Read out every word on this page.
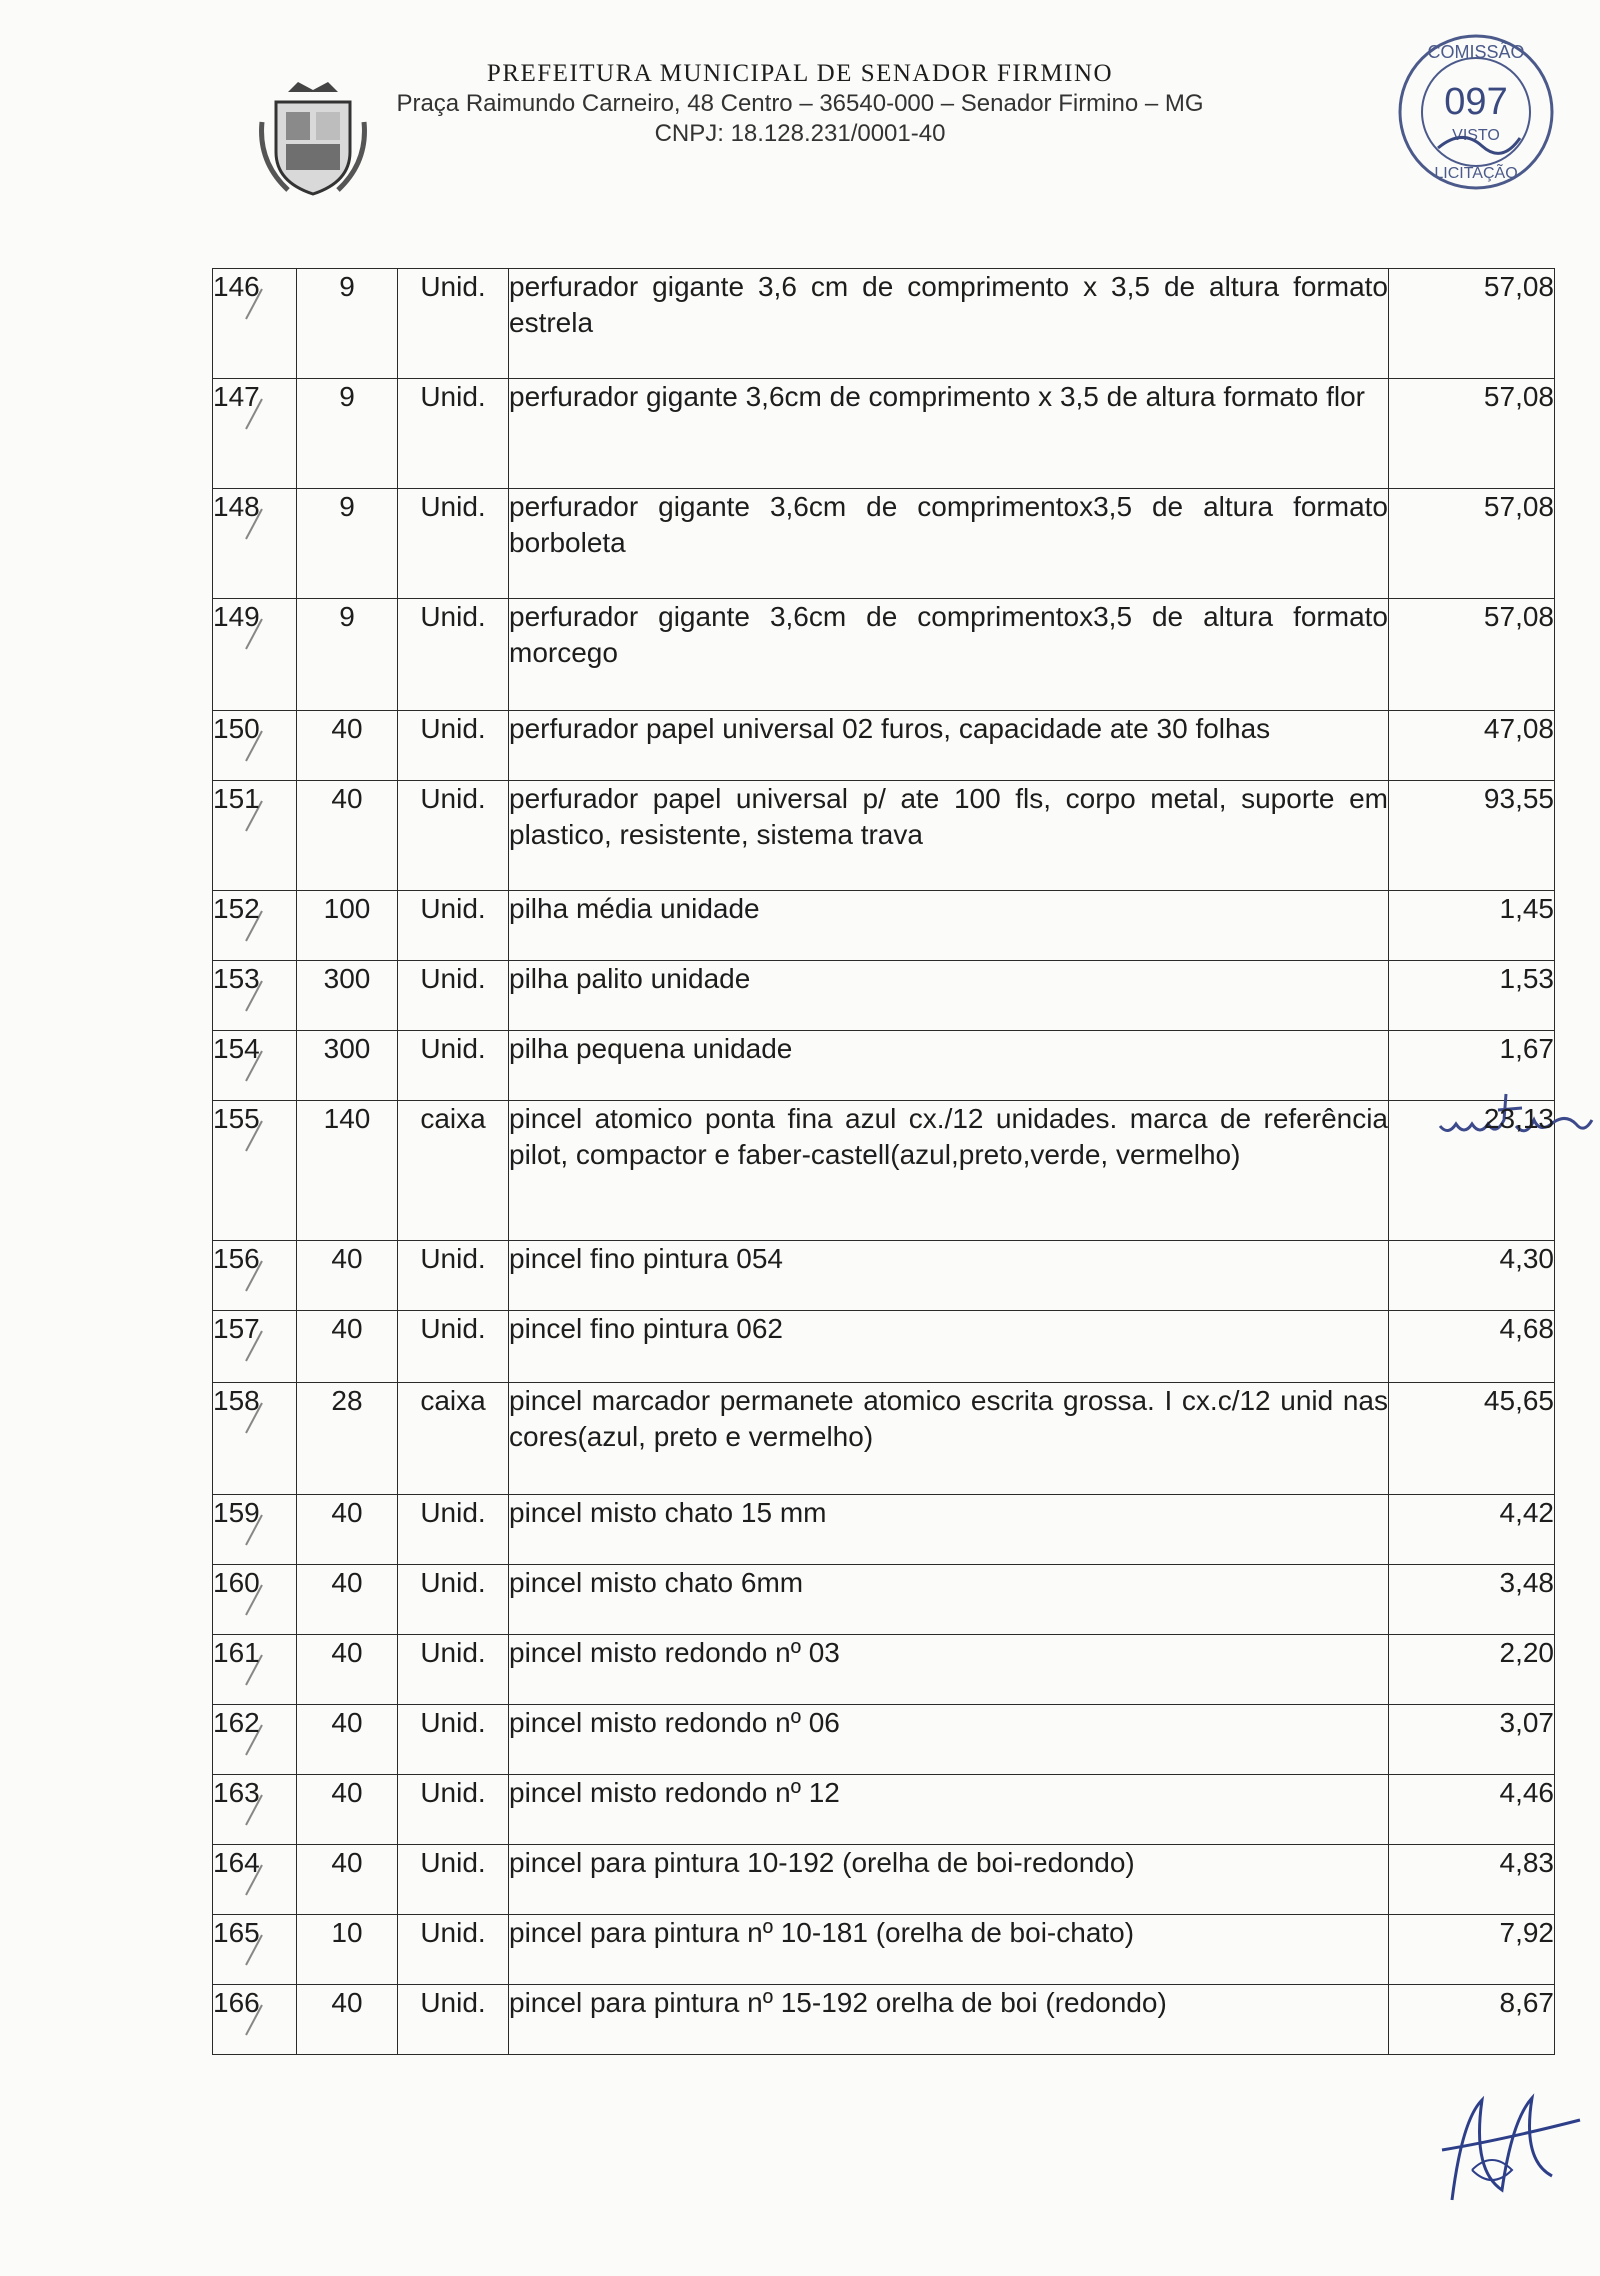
PREFEITURA MUNICIPAL DE SENADOR FIRMINO
Praça Raimundo Carneiro, 48 Centro – 36540-000 – Senador Firmino – MG
CNPJ: 18.128.231/0001-40
COMISSÃO
097
VISTO
LICITAÇÃO
146	9	Unid.	perfurador gigante 3,6 cm de comprimento x 3,5 de altura formato estrela	57,08
147	9	Unid.	perfurador gigante 3,6cm de comprimento x 3,5 de altura formato flor	57,08
148	9	Unid.	perfurador gigante 3,6cm de comprimentox3,5 de altura formato borboleta	57,08
149	9	Unid.	perfurador gigante 3,6cm de comprimentox3,5 de altura formato morcego	57,08
150	40	Unid.	perfurador papel universal 02 furos, capacidade ate 30 folhas	47,08
151	40	Unid.	perfurador papel universal p/ ate 100 fls, corpo metal, suporte em plastico, resistente, sistema trava	93,55
152	100	Unid.	pilha média unidade	1,45
153	300	Unid.	pilha palito unidade	1,53
154	300	Unid.	pilha pequena unidade	1,67
155	140	caixa	pincel atomico ponta fina azul cx./12 unidades. marca de referência pilot, compactor e faber-castell(azul,preto,verde, vermelho)	23,13
156	40	Unid.	pincel fino pintura 054	4,30
157	40	Unid.	pincel fino pintura 062	4,68
158	28	caixa	pincel marcador permanete atomico escrita grossa. I cx.c/12 unid nas cores(azul, preto e vermelho)	45,65
159	40	Unid.	pincel misto chato 15 mm	4,42
160	40	Unid.	pincel misto chato 6mm	3,48
161	40	Unid.	pincel misto redondo nº 03	2,20
162	40	Unid.	pincel misto redondo nº 06	3,07
163	40	Unid.	pincel misto redondo nº 12	4,46
164	40	Unid.	pincel para pintura 10-192 (orelha de boi-redondo)	4,83
165	10	Unid.	pincel para pintura nº 10-181 (orelha de boi-chato)	7,92
166	40	Unid.	pincel para pintura nº 15-192 orelha de boi (redondo)	8,67
